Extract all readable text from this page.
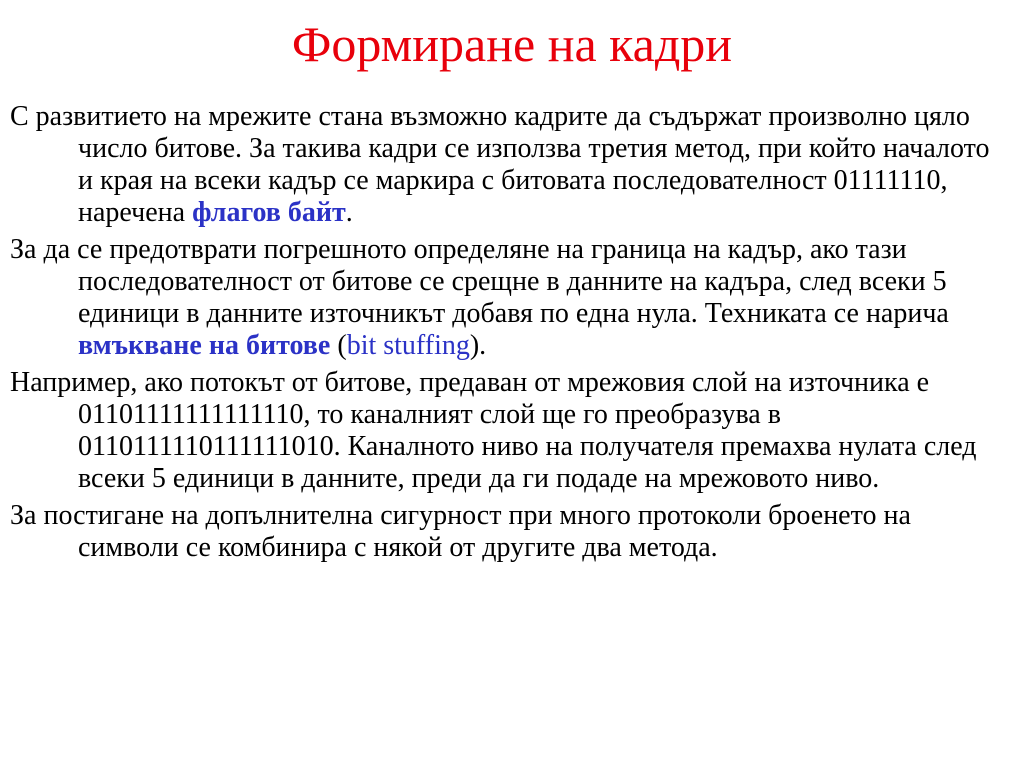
Формиране на кадри

С развитието на мрежите стана възможно кадрите да съдържат произволно цяло число битове. За такива кадри се използва третия метод, при който началото и края на всеки кадър се маркира с битовата последователност 01111110, наречена флагов байт.

За да се предотврати погрешното определяне на граница на кадър, ако тази последователност от битове се срещне в данните на кадъра, след всеки 5 единици в данните източникът добавя по една нула. Техниката се нарича вмъкване на битове (bit stuffing).

Например, ако потокът от битове, предаван от мрежовия слой на източника е 01101111111111110, то каналният слой ще го преобразува в 0110111110111111010. Каналното ниво на получателя премахва нулата след всеки 5 единици в данните, преди да ги подаде на мрежовото ниво.

За постигане на допълнителна сигурност при много протоколи броенето на символи се комбинира с някой от другите два метода.
